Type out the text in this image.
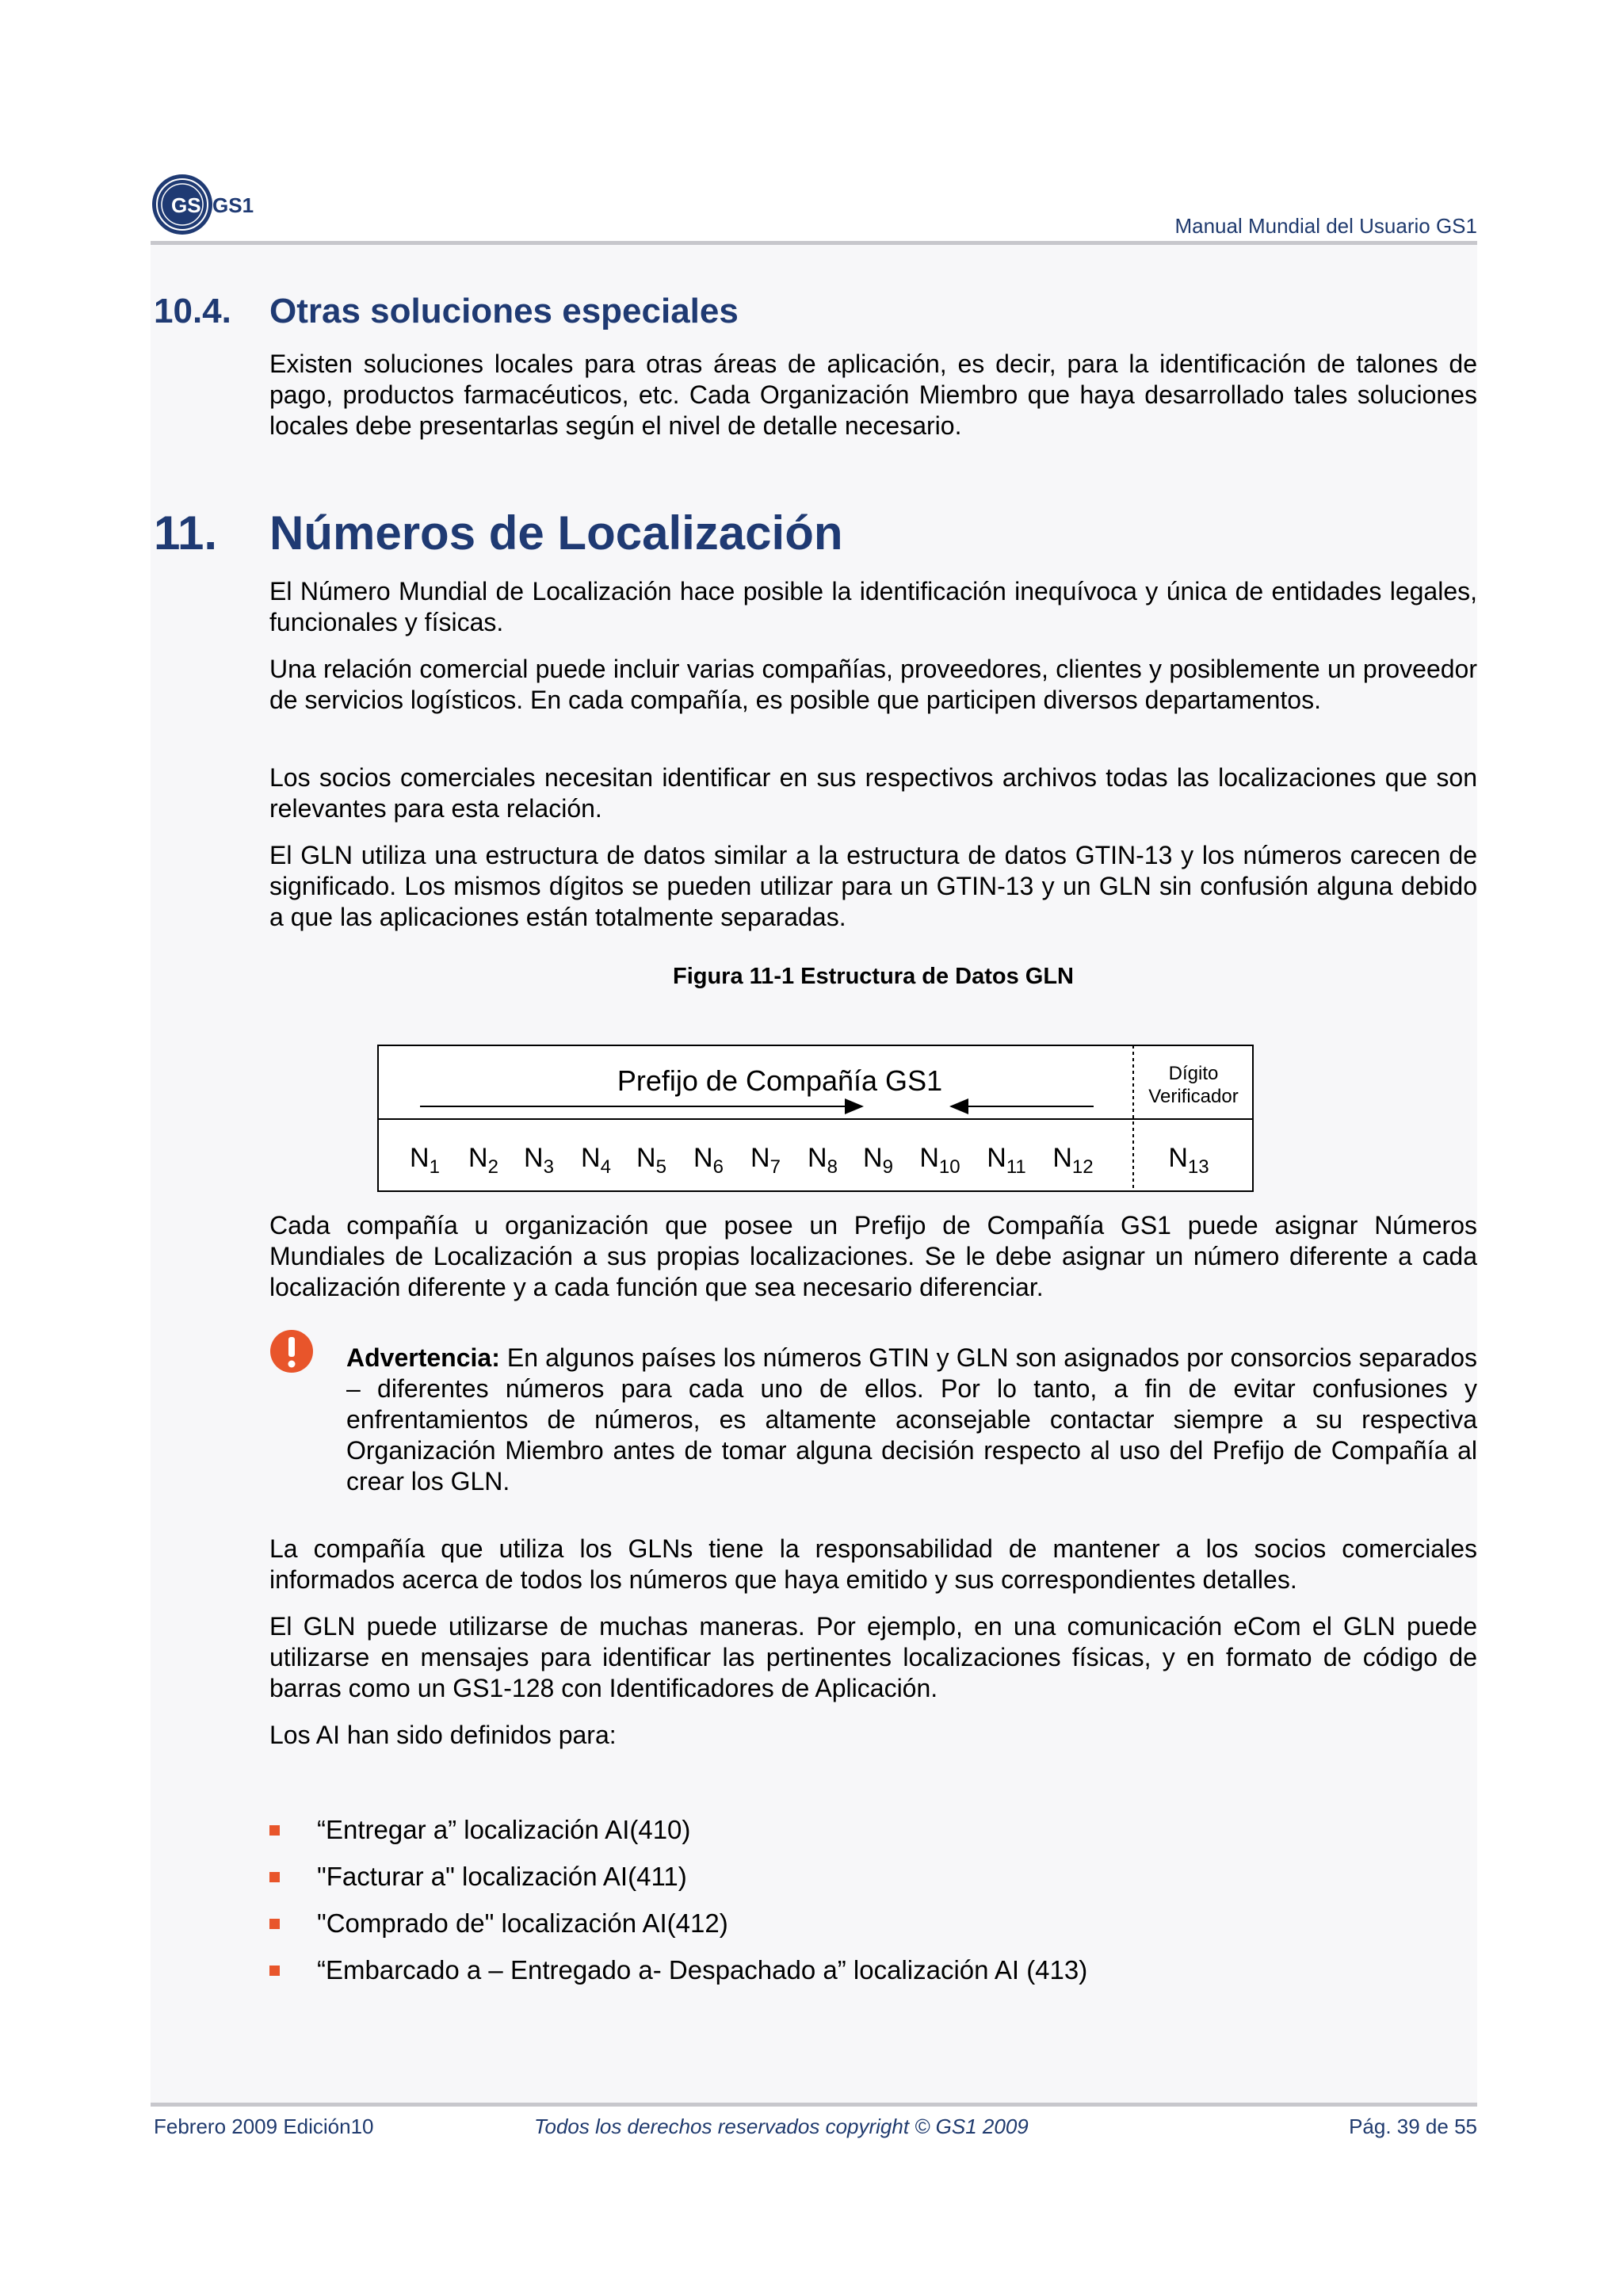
GS GS1
Manual Mundial del Usuario GS1
10.4. Otras soluciones especiales
Existen soluciones locales para otras áreas de aplicación, es decir, para la identificación de talones de pago, productos farmacéuticos, etc. Cada Organización Miembro que haya desarrollado tales soluciones locales debe presentarlas según el nivel de detalle necesario.
11. Números de Localización
El Número Mundial de Localización hace posible la identificación inequívoca y única de entidades legales, funcionales y físicas.
Una relación comercial puede incluir varias compañías, proveedores, clientes y posiblemente un proveedor de servicios logísticos. En cada compañía, es posible que participen diversos departamentos.
Los socios comerciales necesitan identificar en sus respectivos archivos todas las localizaciones que son relevantes para esta relación.
El GLN utiliza una estructura de datos similar a la estructura de datos GTIN-13 y los números carecen de significado. Los mismos dígitos se pueden utilizar para un GTIN-13 y un GLN sin confusión alguna debido a que las aplicaciones están totalmente separadas.
Figura 11-1 Estructura de Datos GLN
Prefijo de Compañía GS1	Dígito
Verificador
$N_1$ $N_2$ $N_3$ $N_4$ $N_5$ $N_6$ $N_7$ $N_8$ $N_9$ $N_{10}$ $N_{11}$ $N_{12}$	$N_{13}$
Cada compañía u organización que posee un Prefijo de Compañía GS1 puede asignar Números Mundiales de Localización a sus propias localizaciones. Se le debe asignar un número diferente a cada localización diferente y a cada función que sea necesario diferenciar.
Advertencia: En algunos países los números GTIN y GLN son asignados por consorcios separados – diferentes números para cada uno de ellos. Por lo tanto, a fin de evitar confusiones y enfrentamientos de números, es altamente aconsejable contactar siempre a su respectiva Organización Miembro antes de tomar alguna decisión respecto al uso del Prefijo de Compañía al crear los GLN.
La compañía que utiliza los GLNs tiene la responsabilidad de mantener a los socios comerciales informados acerca de todos los números que haya emitido y sus correspondientes detalles.
El GLN puede utilizarse de muchas maneras. Por ejemplo, en una comunicación eCom el GLN puede utilizarse en mensajes para identificar las pertinentes localizaciones físicas, y en formato de código de barras como un GS1-128 con Identificadores de Aplicación.
Los AI han sido definidos para:
“Entregar a” localización AI(410)
"Facturar a" localización AI(411)
"Comprado de" localización AI(412)
“Embarcado a – Entregado a- Despachado a” localización AI (413)
Febrero 2009 Edición10	Todos los derechos reservados copyright © GS1 2009	Pág. 39 de 55
